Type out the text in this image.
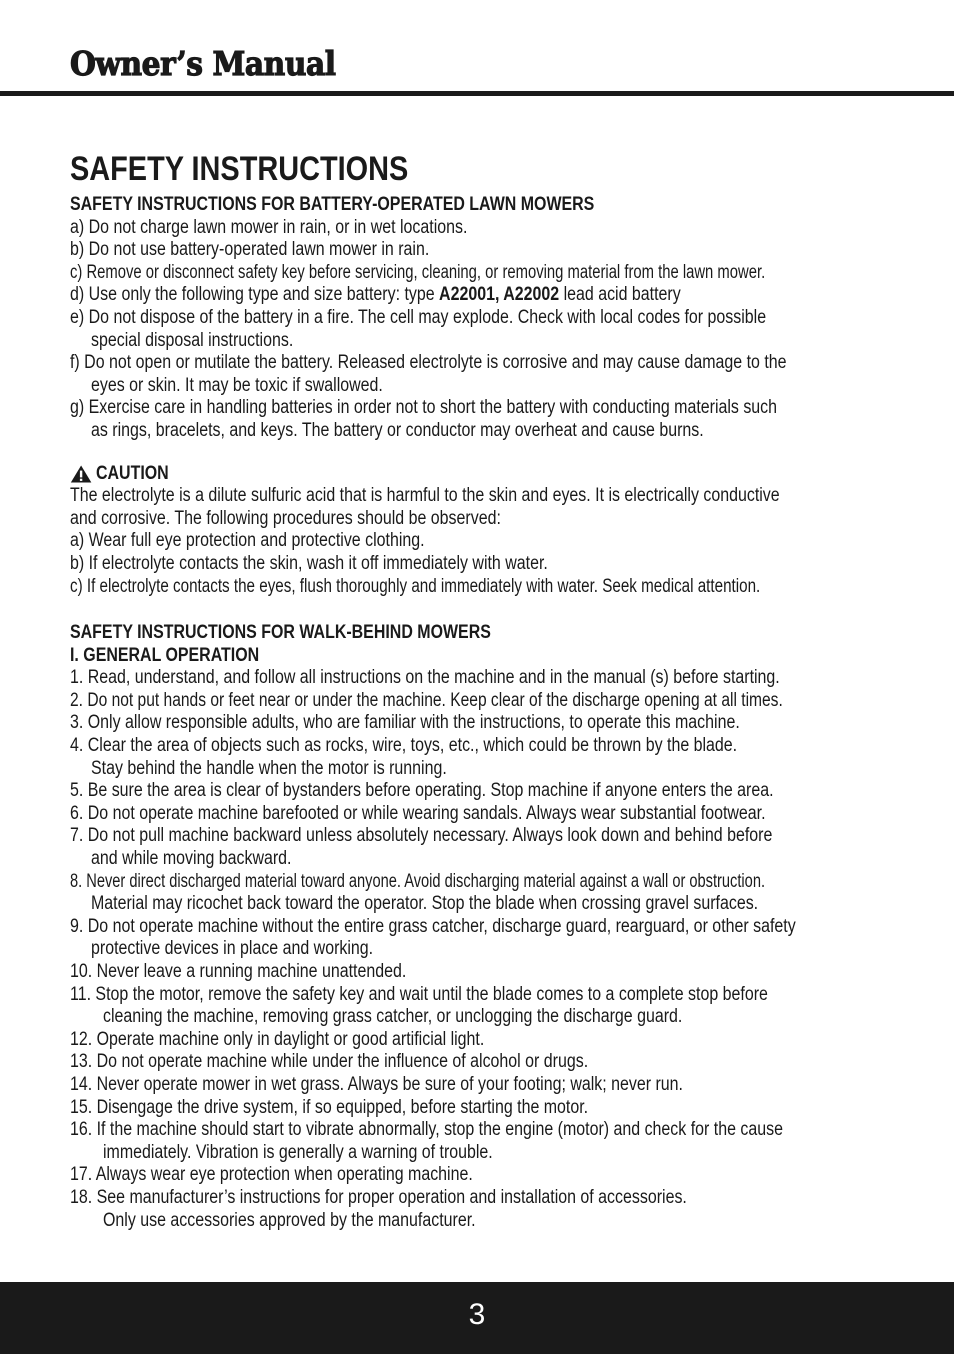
Owner’s Manual
SAFETY INSTRUCTIONS
SAFETY INSTRUCTIONS FOR BATTERY-OPERATED LAWN MOWERS
a) Do not charge lawn mower in rain, or in wet locations.
b) Do not use battery-operated lawn mower in rain.
c) Remove or disconnect safety key before servicing, cleaning, or removing material from the lawn mower.
d) Use only the following type and size battery: type A22001, A22002 lead acid battery
e) Do not dispose of the battery in a fire. The cell may explode. Check with local codes for possible
special disposal instructions.
f) Do not open or mutilate the battery. Released electrolyte is corrosive and may cause damage to the
eyes or skin. It may be toxic if swallowed.
g) Exercise care in handling batteries in order not to short the battery with conducting materials such
as rings, bracelets, and keys. The battery or conductor may overheat and cause burns.
CAUTION
The electrolyte is a dilute sulfuric acid that is harmful to the skin and eyes. It is electrically conductive
and corrosive. The following procedures should be observed:
a) Wear full eye protection and protective clothing.
b) If electrolyte contacts the skin, wash it off immediately with water.
c) If electrolyte contacts the eyes, flush thoroughly and immediately with water. Seek medical attention.
SAFETY INSTRUCTIONS FOR WALK-BEHIND MOWERS
I. GENERAL OPERATION
1. Read, understand, and follow all instructions on the machine and in the manual (s) before starting.
2. Do not put hands or feet near or under the machine. Keep clear of the discharge opening at all times.
3. Only allow responsible adults, who are familiar with the instructions, to operate this machine.
4. Clear the area of objects such as rocks, wire, toys, etc., which could be thrown by the blade.
Stay behind the handle when the motor is running.
5. Be sure the area is clear of bystanders before operating. Stop machine if anyone enters the area.
6. Do not operate machine barefooted or while wearing sandals. Always wear substantial footwear.
7. Do not pull machine backward unless absolutely necessary. Always look down and behind before
and while moving backward.
8. Never direct discharged material toward anyone. Avoid discharging material against a wall or obstruction.
Material may ricochet back toward the operator. Stop the blade when crossing gravel surfaces.
9. Do not operate machine without the entire grass catcher, discharge guard, rearguard, or other safety
protective devices in place and working.
10. Never leave a running machine unattended.
11. Stop the motor, remove the safety key and wait until the blade comes to a complete stop before
cleaning the machine, removing grass catcher, or unclogging the discharge guard.
12. Operate machine only in daylight or good artificial light.
13. Do not operate machine while under the influence of alcohol or drugs.
14. Never operate mower in wet grass. Always be sure of your footing; walk; never run.
15. Disengage the drive system, if so equipped, before starting the motor.
16. If the machine should start to vibrate abnormally, stop the engine (motor) and check for the cause
immediately. Vibration is generally a warning of trouble.
17. Always wear eye protection when operating machine.
18. See manufacturer’s instructions for proper operation and installation of accessories.
Only use accessories approved by the manufacturer.
3
